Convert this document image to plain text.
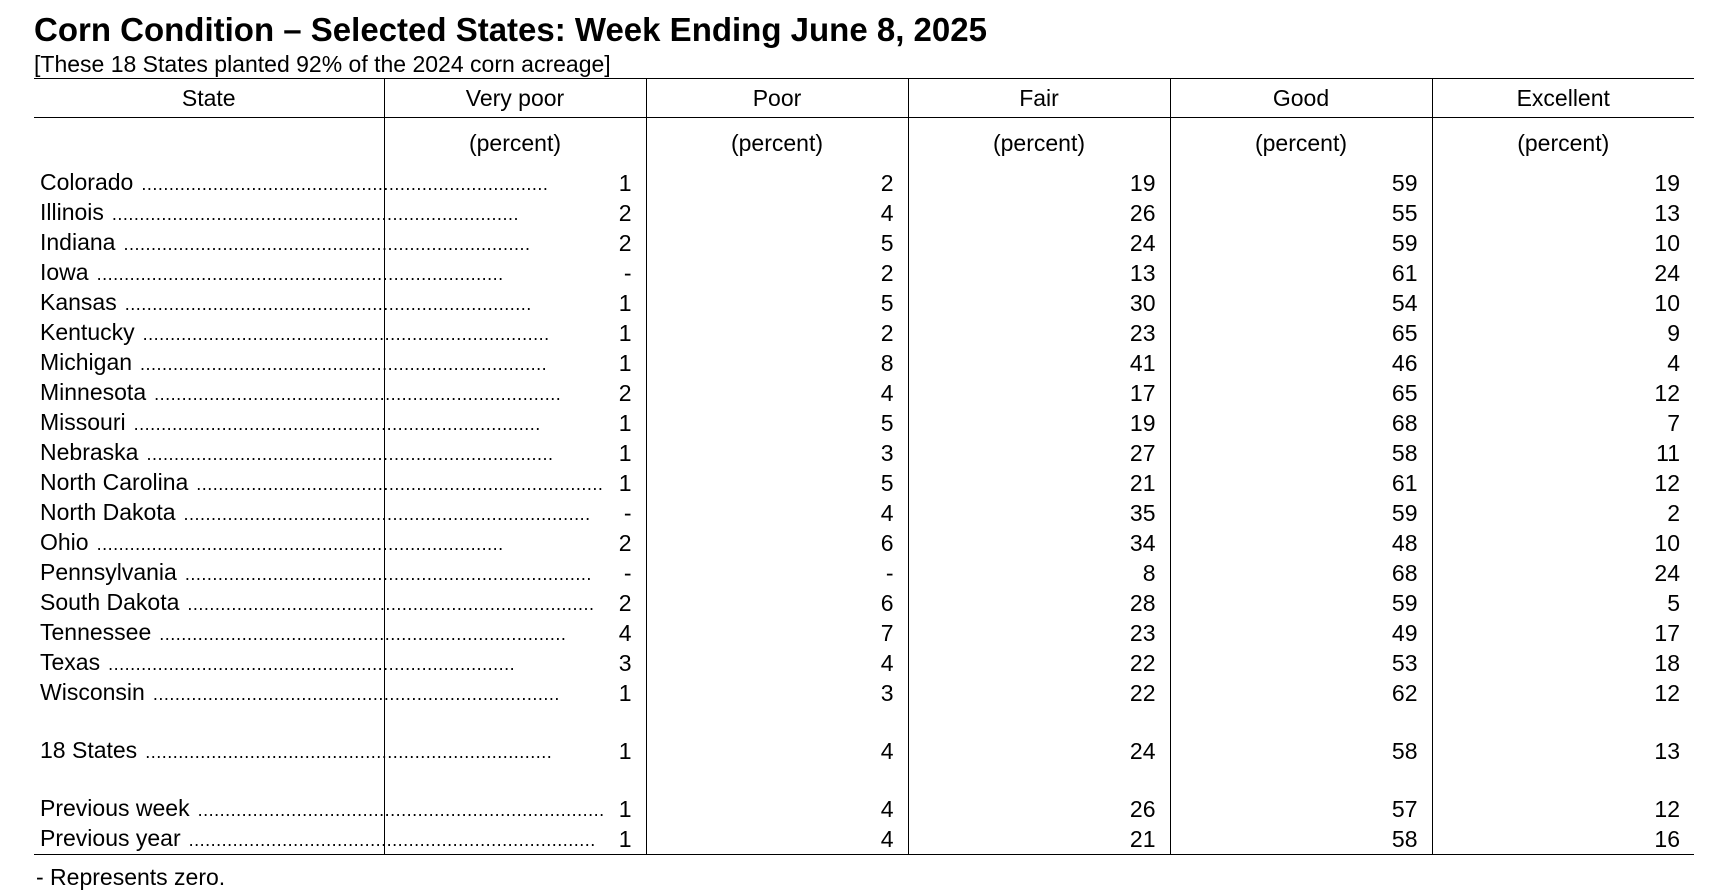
Corn Condition – Selected States: Week Ending June 8, 2025
[These 18 States planted 92% of the 2024 corn acreage]
State	Very poor	Poor	Fair	Good	Excellent
	(percent)	(percent)	(percent)	(percent)	(percent)

Colorado ..........................................................................	1	2	19	59	19

Illinois ..........................................................................	2	4	26	55	13

Indiana ..........................................................................	2	5	24	59	10

Iowa ..........................................................................	-	2	13	61	24

Kansas ..........................................................................	1	5	30	54	10

Kentucky ..........................................................................	1	2	23	65	9

Michigan ..........................................................................	1	8	41	46	4

Minnesota ..........................................................................	2	4	17	65	12

Missouri ..........................................................................	1	5	19	68	7

Nebraska ..........................................................................	1	3	27	58	11

North Carolina ..........................................................................	1	5	21	61	12

North Dakota ..........................................................................	-	4	35	59	2

Ohio ..........................................................................	2	6	34	48	10

Pennsylvania ..........................................................................	-	-	8	68	24

South Dakota ..........................................................................	2	6	28	59	5

Tennessee ..........................................................................	4	7	23	49	17

Texas ..........................................................................	3	4	22	53	18

Wisconsin ..........................................................................	1	3	22	62	12

18 States ..........................................................................	1	4	24	58	13

Previous week ..........................................................................	1	4	26	57	12

Previous year ..........................................................................	1	4	21	58	16
- Represents zero.
